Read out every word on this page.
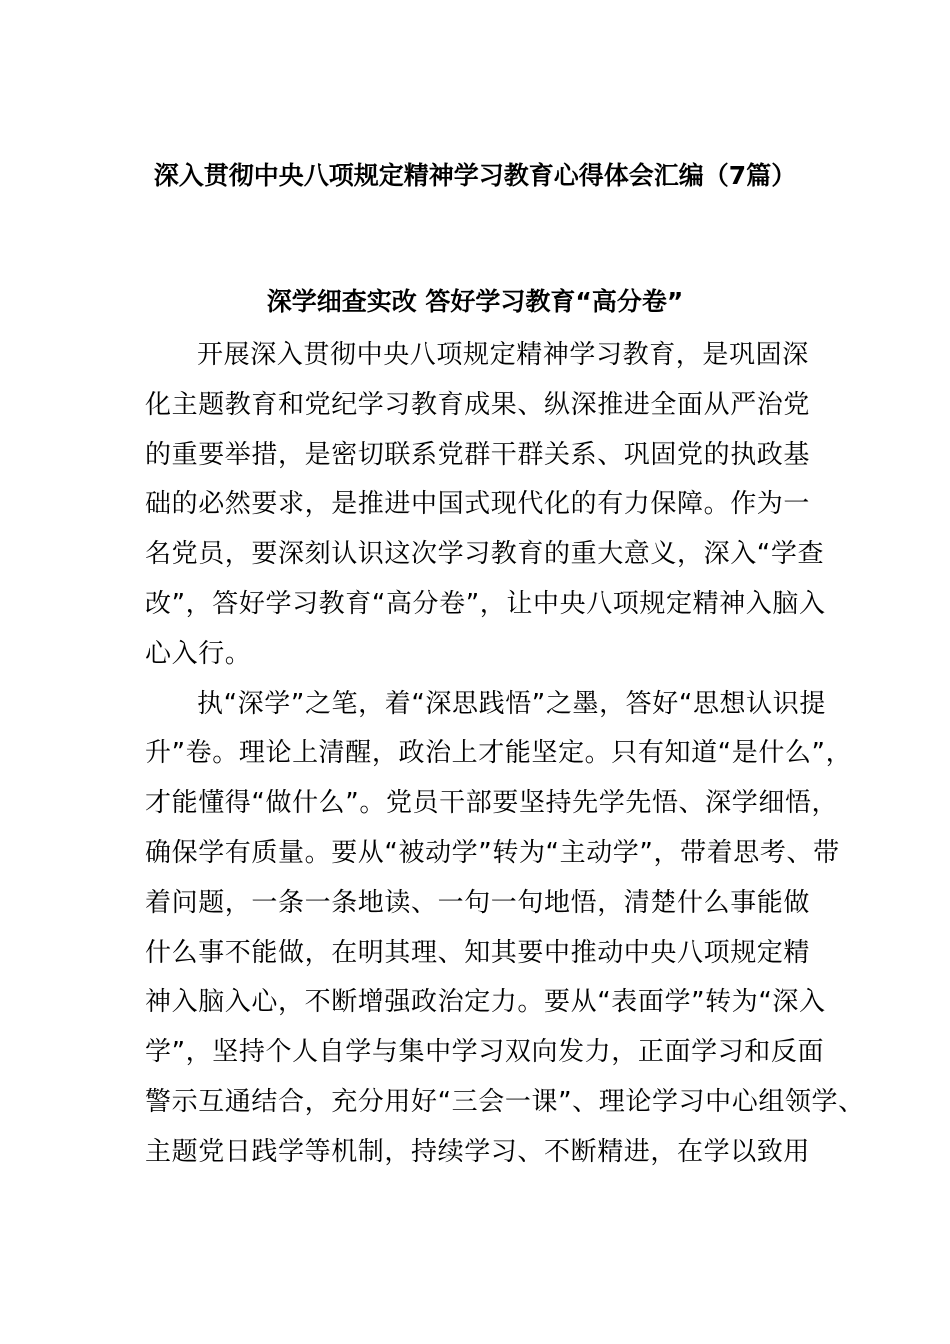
深入贯彻中央八项规定精神学习教育心得体会汇编（7篇）
深学细查实改 答好学习教育“高分卷”
开展深入贯彻中央八项规定精神学习教育，是巩固深
化主题教育和党纪学习教育成果、纵深推进全面从严治党
的重要举措，是密切联系党群干群关系、巩固党的执政基
础的必然要求，是推进中国式现代化的有力保障。作为一
名党员，要深刻认识这次学习教育的重大意义，深入“学查
改”，答好学习教育“高分卷”，让中央八项规定精神入脑入
心入行。
执“深学”之笔，着“深思践悟”之墨，答好“思想认识提
升”卷。理论上清醒，政治上才能坚定。只有知道“是什么”，
才能懂得“做什么”。党员干部要坚持先学先悟、深学细悟，
确保学有质量。要从“被动学”转为“主动学”，带着思考、带
着问题，一条一条地读、一句一句地悟，清楚什么事能做
什么事不能做，在明其理、知其要中推动中央八项规定精
神入脑入心，不断增强政治定力。要从“表面学”转为“深入
学”，坚持个人自学与集中学习双向发力，正面学习和反面
警示互通结合，充分用好“三会一课”、理论学习中心组领学、
主题党日践学等机制，持续学习、不断精进，在学以致用
